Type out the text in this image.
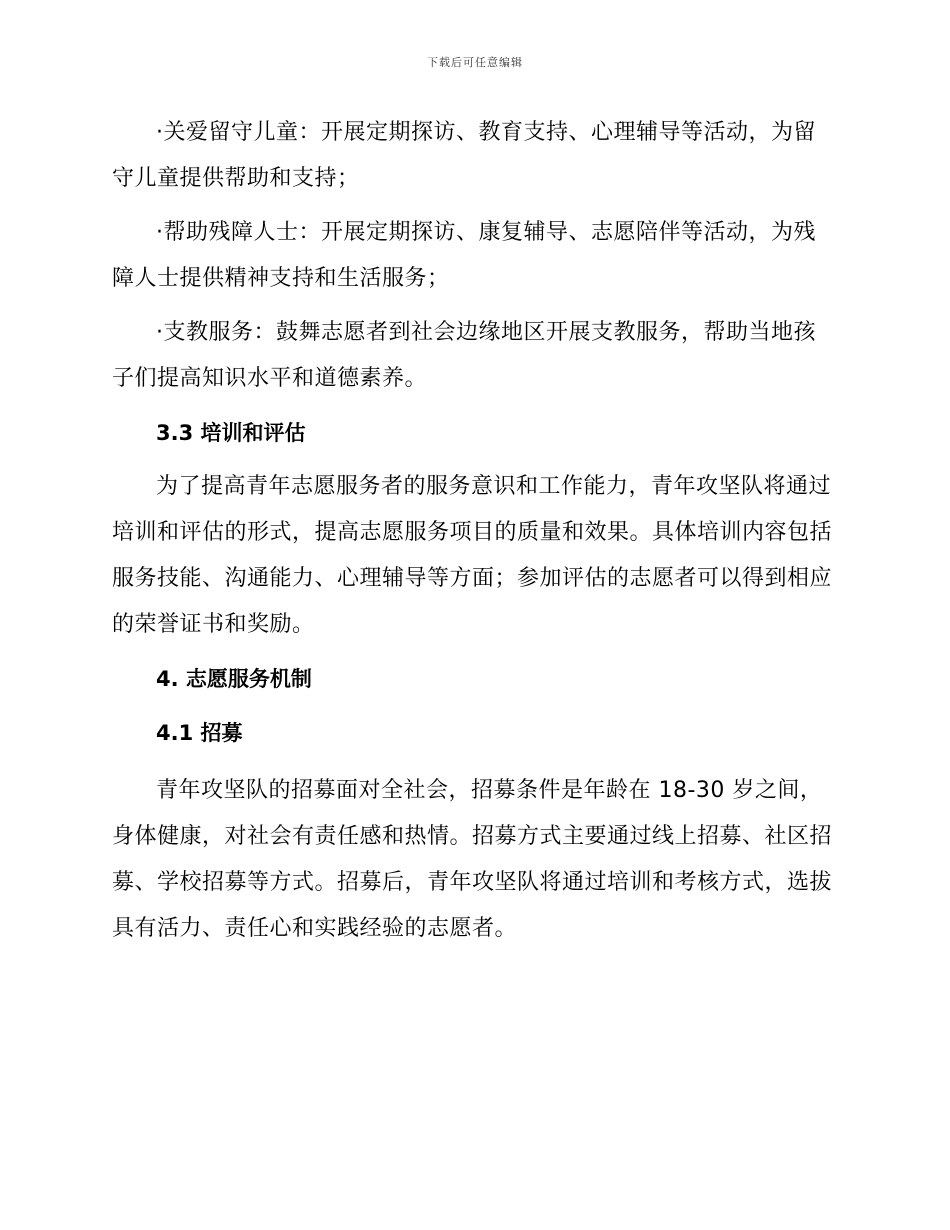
下载后可任意编辑

·关爱留守儿童：开展定期探访、教育支持、心理辅导等活动，为留守儿童提供帮助和支持；

·帮助残障人士：开展定期探访、康复辅导、志愿陪伴等活动，为残障人士提供精神支持和生活服务；

·支教服务：鼓舞志愿者到社会边缘地区开展支教服务，帮助当地孩子们提高知识水平和道德素养。

3.3 培训和评估

为了提高青年志愿服务者的服务意识和工作能力，青年攻坚队将通过培训和评估的形式，提高志愿服务项目的质量和效果。具体培训内容包括服务技能、沟通能力、心理辅导等方面；参加评估的志愿者可以得到相应的荣誉证书和奖励。

4. 志愿服务机制
4.1 招募

青年攻坚队的招募面对全社会，招募条件是年龄在 18-30 岁之间，身体健康，对社会有责任感和热情。招募方式主要通过线上招募、社区招募、学校招募等方式。招募后，青年攻坚队将通过培训和考核方式，选拔具有活力、责任心和实践经验的志愿者。
